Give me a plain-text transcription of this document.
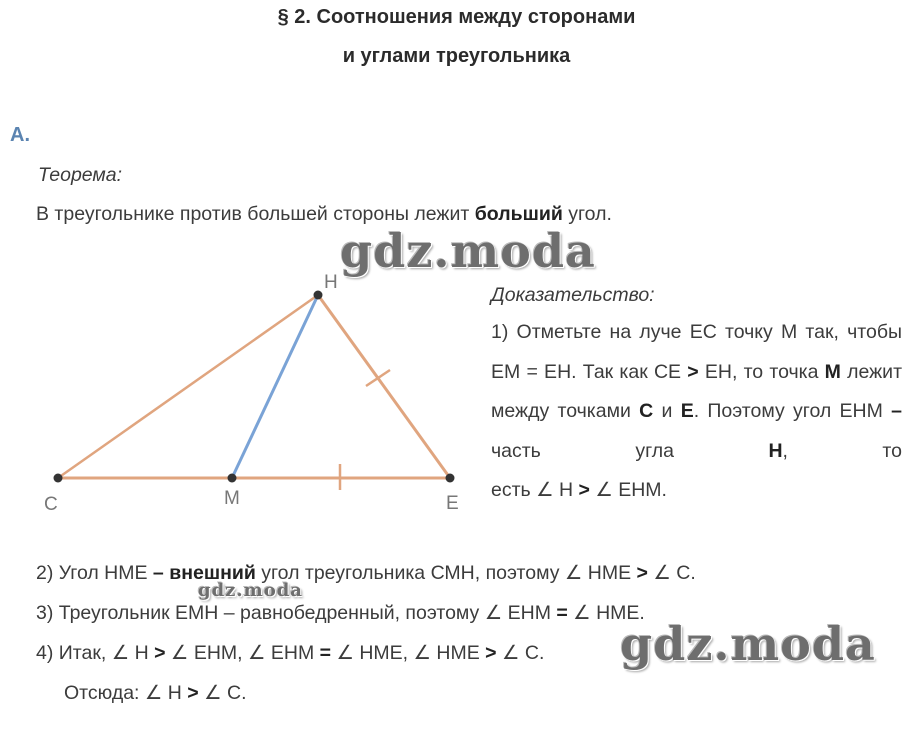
§ 2. Соотношения между сторонами
и углами треугольника
А.
Теорема:
В треугольнике против большей стороны лежит больший угол.
H
C	M	E
Доказательство:

1) Отметьте на луче ЕС точку М так, чтобы ЕМ = ЕН. Так как СЕ > ЕН, то точка М лежит между точками С и Е. Поэтому угол ЕНМ – часть угла Н, то

есть ∠ Н > ∠ ЕНМ.

2) Угол НМЕ – внешний угол треугольника СМН, поэтому ∠ НМЕ > ∠ С.
3) Треугольник ЕМН – равнобедренный, поэтому ∠ ЕНМ = ∠ НМЕ.
4) Итак, ∠ Н > ∠ ЕНМ, ∠ ЕНМ = ∠ НМЕ, ∠ НМЕ > ∠ С.
Отсюда: ∠ Н > ∠ С.
gdz.moda
gdz.moda
gdz.moda
